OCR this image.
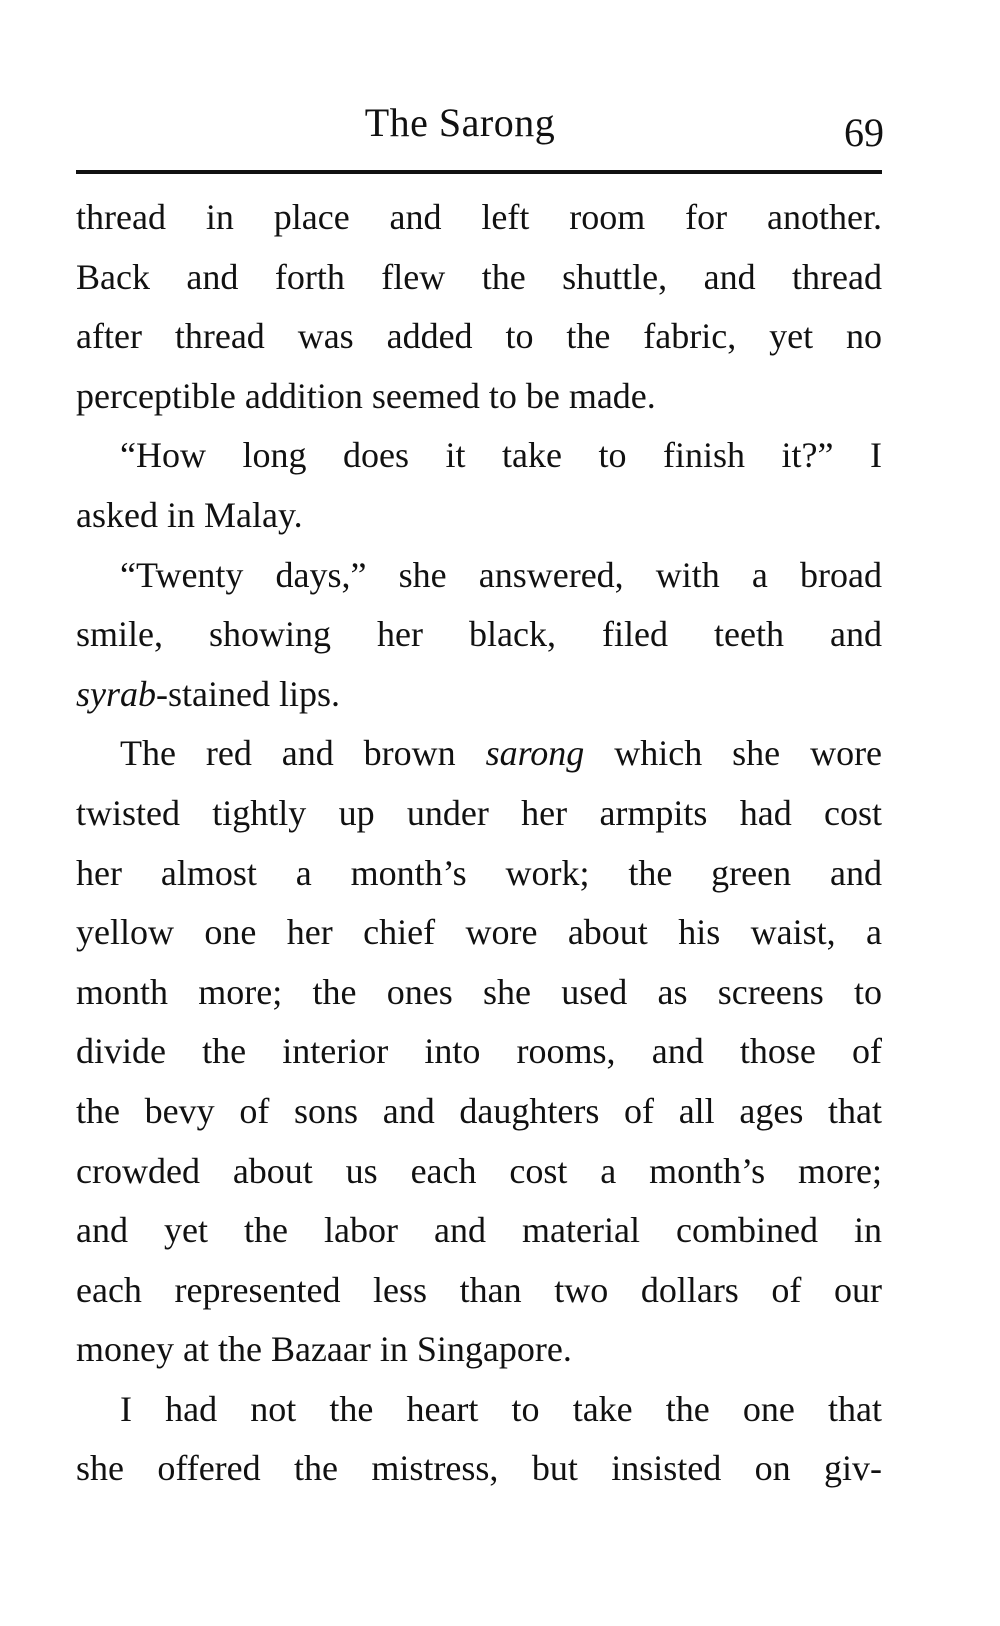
The Sarong	69
thread in place and left room for another.
Back and forth flew the shuttle, and thread
after thread was added to the fabric, yet no
perceptible addition seemed to be made.
“How long does it take to finish it?” I
asked in Malay.
“Twenty days,” she answered, with a broad
smile, showing her black, filed teeth and
syrab-stained lips.
The red and brown sarong which she wore
twisted tightly up under her armpits had cost
her almost a month’s work; the green and
yellow one her chief wore about his waist, a
month more; the ones she used as screens to
divide the interior into rooms, and those of
the bevy of sons and daughters of all ages that
crowded about us each cost a month’s more;
and yet the labor and material combined in
each represented less than two dollars of our
money at the Bazaar in Singapore.
I had not the heart to take the one that
she offered the mistress, but insisted on giv-
